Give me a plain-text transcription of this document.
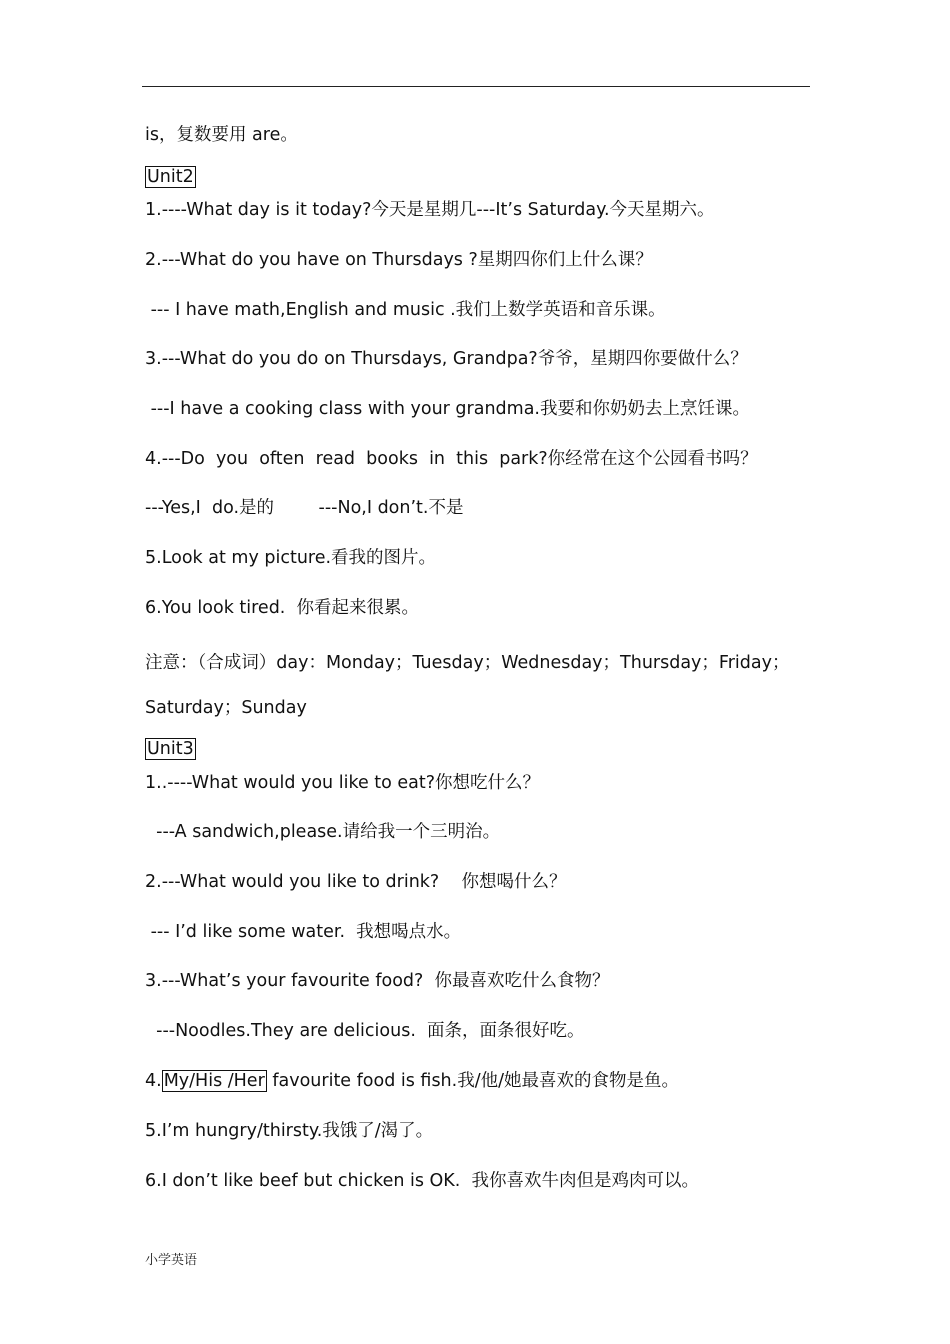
is，复数要用 are。
Unit2
1.----What day is it today?今天是星期几---It’s Saturday.今天星期六。
2.---What do you have on Thursdays ?星期四你们上什么课？
--- I have math,English and music .我们上数学英语和音乐课。
3.---What do you do on Thursdays, Grandpa?爷爷，星期四你要做什么？
---I have a cooking class with your grandma.我要和你奶奶去上烹饪课。
4.---Do  you  often  read  books  in  this  park?你经常在这个公园看书吗？
---Yes,I  do.是的        ---No,I don’t.不是
5.Look at my picture.看我的图片。
6.You look tired.  你看起来很累。
注意：（合成词）day：Monday；Tuesday；Wednesday；Thursday；Friday；
Saturday；Sunday
Unit3
1..----What would you like to eat?你想吃什么？
---A sandwich,please.请给我一个三明治。
2.---What would you like to drink?    你想喝什么？
--- I’d like some water.  我想喝点水。
3.---What’s your favourite food?  你最喜欢吃什么食物？
---Noodles.They are delicious.  面条，面条很好吃。
4. My/His /Her favourite food is fish.我/他/她最喜欢的食物是鱼。
5.I’m hungry/thirsty.我饿了/渴了。
6.I don’t like beef but chicken is OK.  我你喜欢牛肉但是鸡肉可以。
小学英语
